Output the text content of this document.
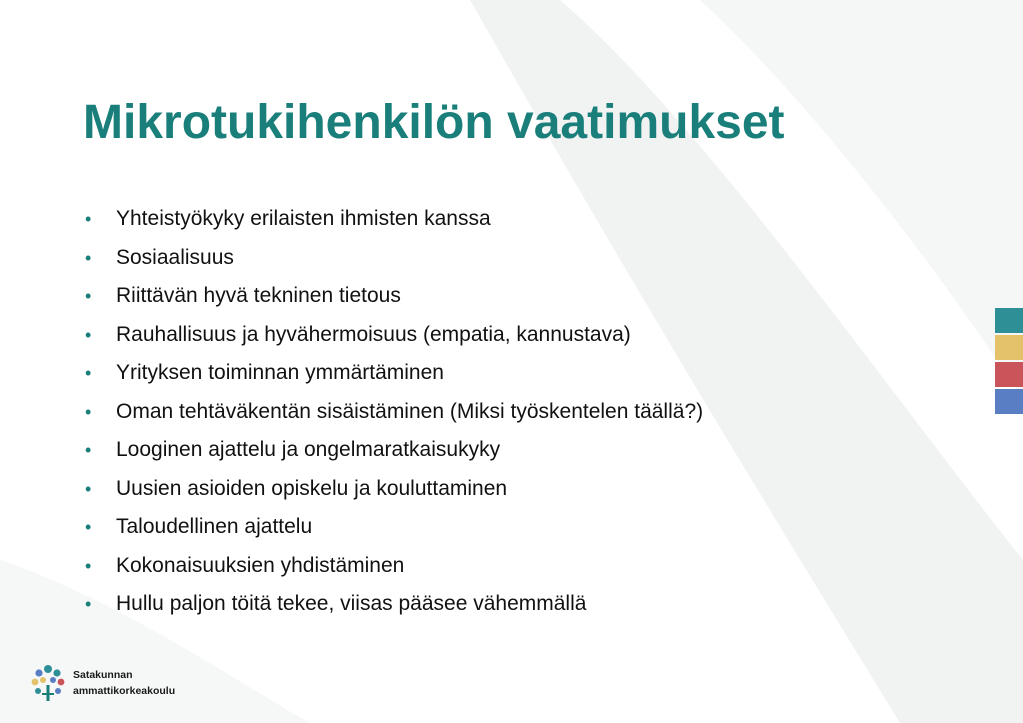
Mikrotukihenkilön vaatimukset
•	Yhteistyökyky erilaisten ihmisten kanssa
•	Sosiaalisuus
•	Riittävän hyvä tekninen tietous
•	Rauhallisuus ja hyvähermoisuus (empatia, kannustava)
•	Yrityksen toiminnan ymmärtäminen
•	Oman tehtäväkentän sisäistäminen (Miksi työskentelen täällä?)
•	Looginen ajattelu ja ongelmaratkaisukyky
•	Uusien asioiden opiskelu ja kouluttaminen
•	Taloudellinen ajattelu
•	Kokonaisuuksien yhdistäminen
•	Hullu paljon töitä tekee, viisas pääsee vähemmällä
Satakunnan
ammattikorkeakoulu
